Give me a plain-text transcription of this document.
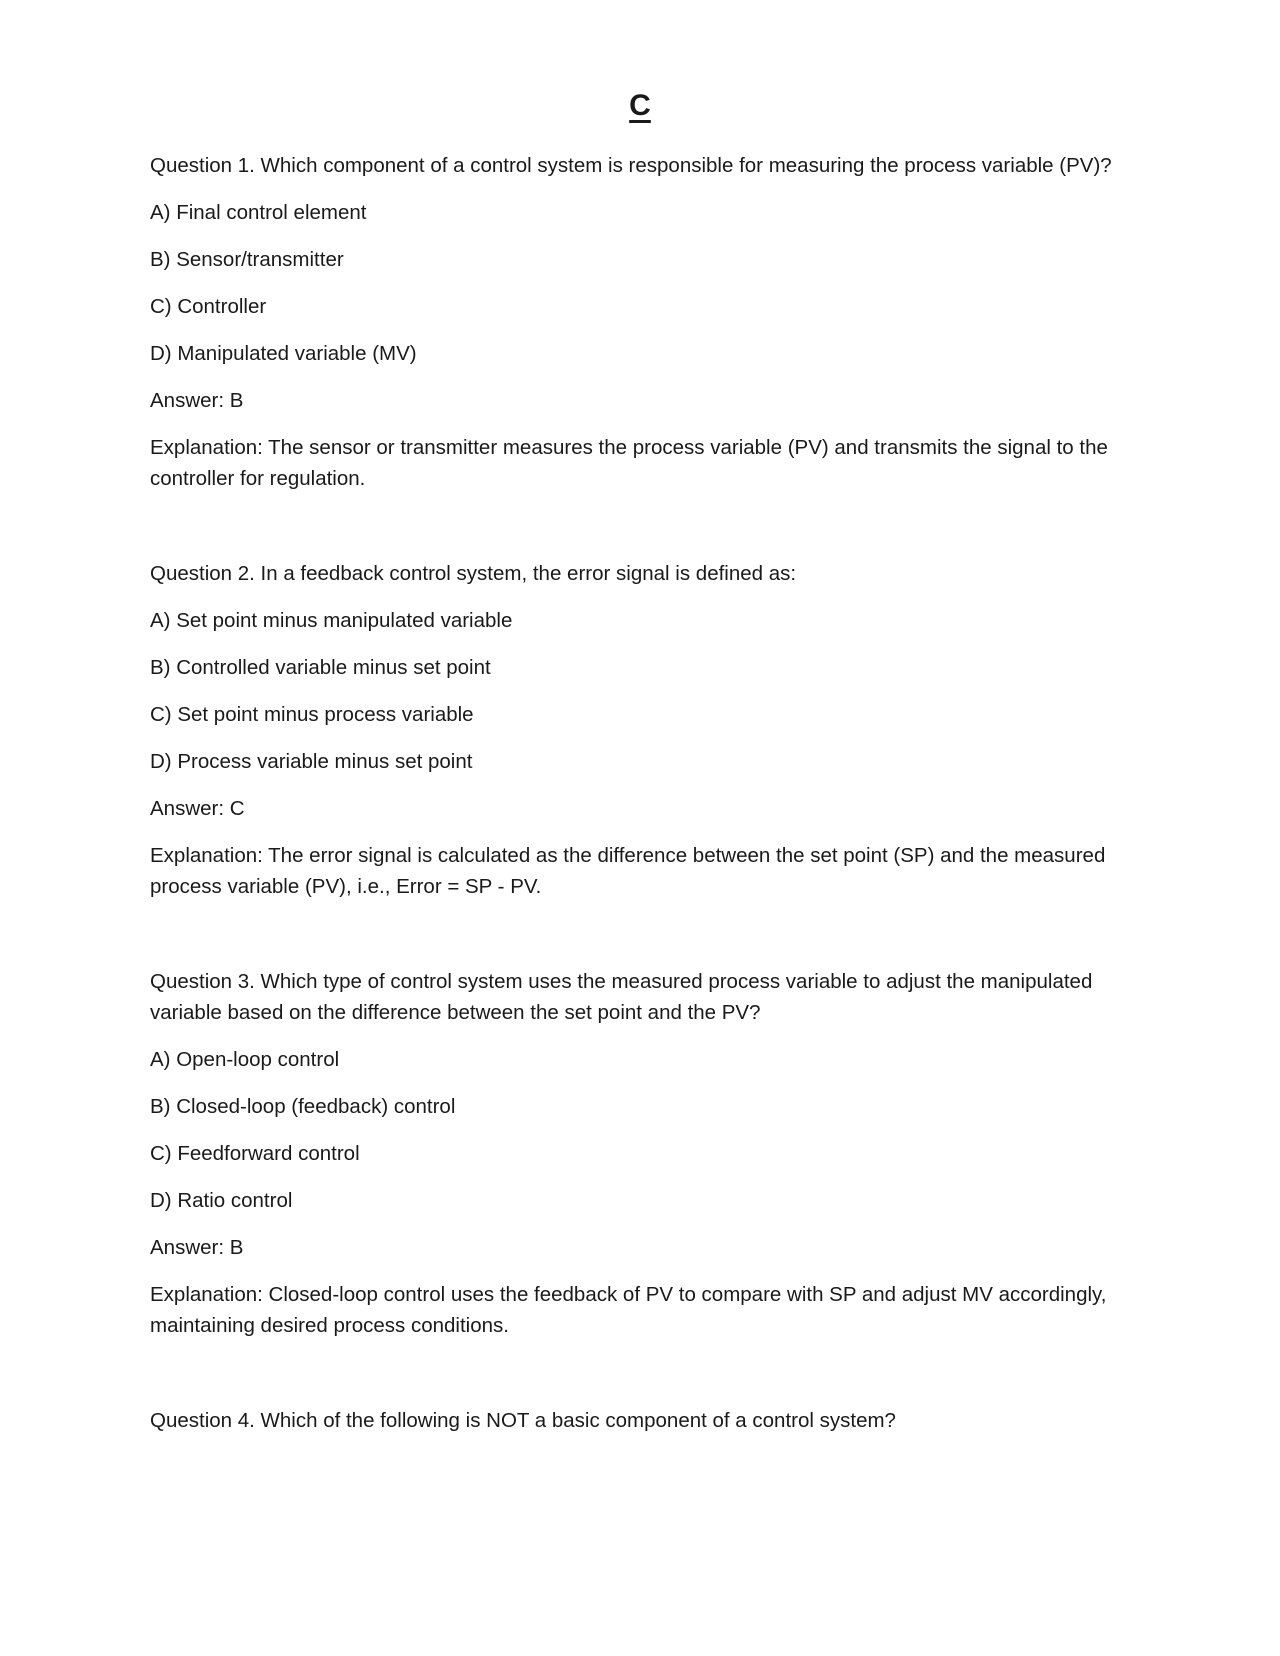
C

Question 1. Which component of a control system is responsible for measuring the process variable (PV)?

A) Final control element

B) Sensor/transmitter

C) Controller

D) Manipulated variable (MV)

Answer: B

Explanation: The sensor or transmitter measures the process variable (PV) and transmits the signal to the controller for regulation.

Question 2. In a feedback control system, the error signal is defined as:

A) Set point minus manipulated variable

B) Controlled variable minus set point

C) Set point minus process variable

D) Process variable minus set point

Answer: C

Explanation: The error signal is calculated as the difference between the set point (SP) and the measured process variable (PV), i.e., Error = SP - PV.

Question 3. Which type of control system uses the measured process variable to adjust the manipulated variable based on the difference between the set point and the PV?

A) Open-loop control

B) Closed-loop (feedback) control

C) Feedforward control

D) Ratio control

Answer: B

Explanation: Closed-loop control uses the feedback of PV to compare with SP and adjust MV accordingly, maintaining desired process conditions.

Question 4. Which of the following is NOT a basic component of a control system?
